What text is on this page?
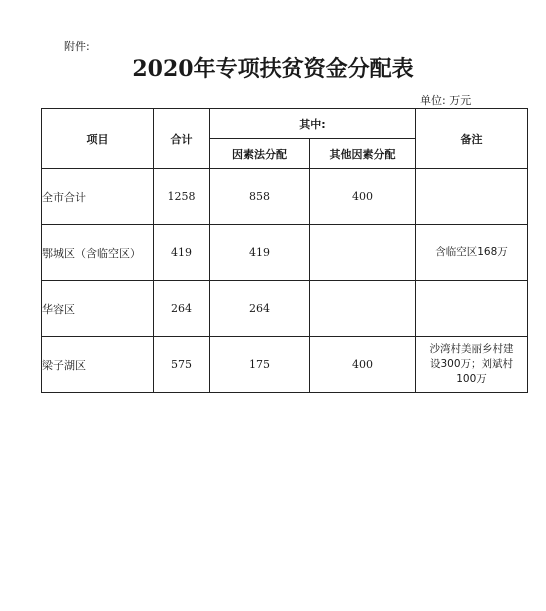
附件:
2020年专项扶贫资金分配表
单位: 万元
项目	合计	其中:		备注
		因素法分配	其他因素分配	
全市合计	1258	858	400	
鄂城区（含临空区）	419	419		含临空区168万

华容区	264	264		
梁子湖区	575	175	400	沙湾村美丽乡村建
设300万；刘斌村
100万
